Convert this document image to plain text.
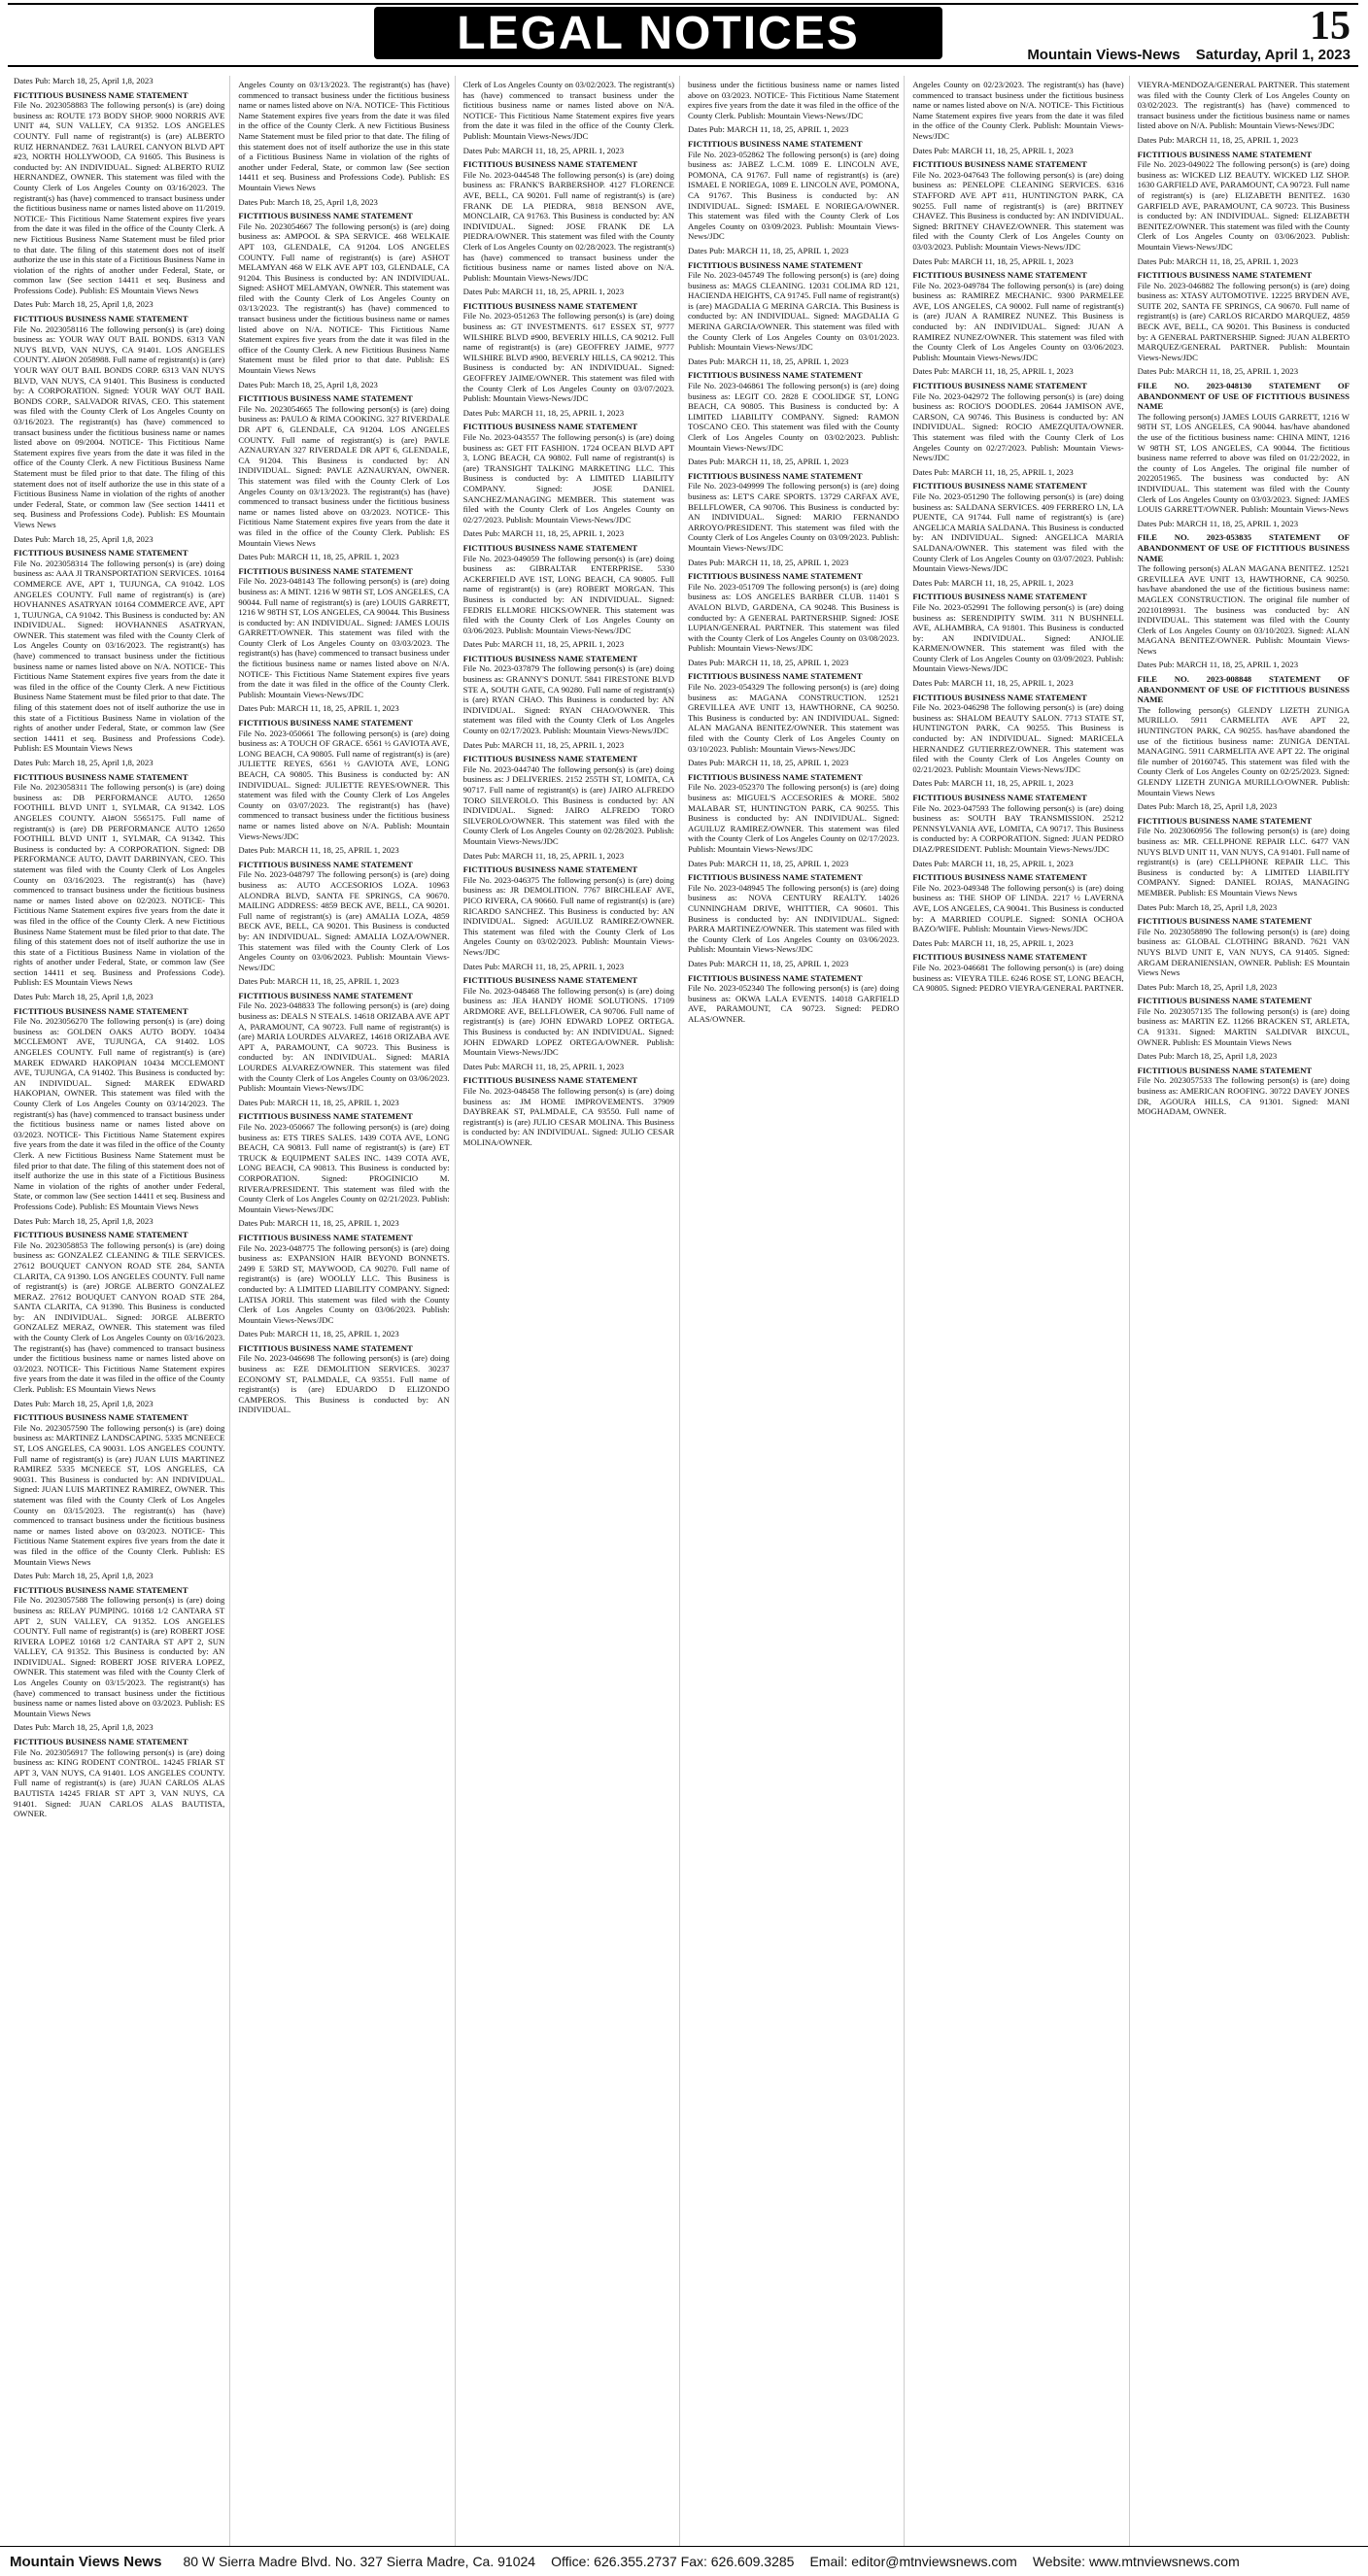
LEGAL NOTICES	15
Mountain Views-News Saturday, April 1, 2023
Dates Pub: March 18, 25, April 1,8, 2023
FICTITIOUS BUSINESS NAME STATEMENT
File No. 2023058883 The following person(s) is (are) doing business as: ROUTE 173 BODY SHOP. 9000 NORRIS AVE UNIT #4, SUN VALLEY, CA 91352. LOS ANGELES COUNTY. Full name of registrant(s) is (are) ALBERTO RUIZ HERNANDEZ. 7631 LAUREL CANYON BLVD APT #23, NORTH HOLLYWOOD, CA 91605. This Business is conducted by: AN INDIVIDUAL. Signed: ALBERTO RUIZ HERNANDEZ, OWNER. This statement was filed with the County Clerk of Los Angeles County on 03/16/2023. The registrant(s) has (have) commenced to transact business under the fictitious business name or names listed above on 11/2019. NOTICE- This Fictitious Name Statement expires five years from the date it was filed in the office of the County Clerk. A new Fictitious Business Name Statement must be filed prior to that date. The filing of this statement does not of itself authorize the use in this state of a Fictitious Business Name in violation of the rights of another under Federal, State, or common law (See section 14411 et seq. Business and Professions Code). Publish: ES Mountain Views News
Dates Pub: March 18, 25, April 1,8, 2023
FICTITIOUS BUSINESS NAME STATEMENT
File No. 2023058116 The following person(s) is (are) doing business as: YOUR WAY OUT BAIL BONDS. 6313 VAN NUYS BLVD, VAN NUYS, CA 91401. LOS ANGELES COUNTY. AI#ON 2058988. Full name of registrant(s) is (are) YOUR WAY OUT BAIL BONDS CORP. 6313 VAN NUYS BLVD, VAN NUYS, CA 91401. This Business is conducted by: A CORPORATION. Signed: YOUR WAY OUT BAIL BONDS CORP., SALVADOR RIVAS, CEO. This statement was filed with the County Clerk of Los Angeles County on 03/16/2023. The registrant(s) has (have) commenced to transact business under the fictitious business name or names listed above on 09/2004. NOTICE- This Fictitious Name Statement expires five years from the date it was filed in the office of the County Clerk. A new Fictitious Business Name Statement must be filed prior to that date. The filing of this statement does not of itself authorize the use in this state of a Fictitious Business Name in violation of the rights of another under Federal, State, or common law (See section 14411 et seq. Business and Professions Code). Publish: ES Mountain Views News
Dates Pub: March 18, 25, April 1,8, 2023
FICTITIOUS BUSINESS NAME STATEMENT
File No. 2023058314 The following person(s) is (are) doing business as: AAA JI TRANSPORTATION SERVICES. 10164 COMMERCE AVE, APT 1, TUJUNGA, CA 91042. LOS ANGELES COUNTY. Full name of registrant(s) is (are) HOVHANNES ASATRYAN 10164 COMMERCE AVE, APT 1, TUJUNGA, CA 91042. This Business is conducted by: AN INDIVIDUAL. Signed: HOVHANNES ASATRYAN, OWNER. This statement was filed with the County Clerk of Los Angeles County on 03/16/2023. The registrant(s) has (have) commenced to transact business under the fictitious business name or names listed above on N/A. NOTICE- This Fictitious Name Statement expires five years from the date it was filed in the office of the County Clerk. A new Fictitious Business Name Statement must be filed prior to that date. The filing of this statement does not of itself authorize the use in this state of a Fictitious Business Name in violation of the rights of another under Federal, State, or common law (See section 14411 et seq. Business and Professions Code). Publish: ES Mountain Views News
Dates Pub: March 18, 25, April 1,8, 2023
FICTITIOUS BUSINESS NAME STATEMENT
File No. 2023058311 The following person(s) is (are) doing business as: DB PERFORMANCE AUTO. 12650 FOOTHILL BLVD UNIT 1, SYLMAR, CA 91342. LOS ANGELES COUNTY. AI#ON 5565175. Full name of registrant(s) is (are) DB PERFORMANCE AUTO 12650 FOOTHILL BLVD UNIT 1, SYLMAR, CA 91342. This Business is conducted by: A CORPORATION. Signed: DB PERFORMANCE AUTO, DAVIT DARBINYAN, CEO. This statement was filed with the County Clerk of Los Angeles County on 03/16/2023. The registrant(s) has (have) commenced to transact business under the fictitious business name or names listed above on 02/2023. NOTICE- This Fictitious Name Statement expires five years from the date it was filed in the office of the County Clerk. A new Fictitious Business Name Statement must be filed prior to that date. The filing of this statement does not of itself authorize the use in this state of a Fictitious Business Name in violation of the rights of another under Federal, State, or common law (See section 14411 et seq. Business and Professions Code). Publish: ES Mountain Views News
Dates Pub: March 18, 25, April 1,8, 2023
FICTITIOUS BUSINESS NAME STATEMENT
File No. 2023056270 The following person(s) is (are) doing business as: GOLDEN OAKS AUTO BODY. 10434 MCCLEMONT AVE, TUJUNGA, CA 91402. LOS ANGELES COUNTY. Full name of registrant(s) is (are) MAREK EDWARD HAKOPIAN 10434 MCCLEMONT AVE, TUJUNGA, CA 91402. This Business is conducted by: AN INDIVIDUAL. Signed: MAREK EDWARD HAKOPIAN, OWNER. This statement was filed with the County Clerk of Los Angeles County on 03/14/2023. The registrant(s) has (have) commenced to transact business under the fictitious business name or names listed above on 03/2023. NOTICE- This Fictitious Name Statement expires five years from the date it was filed in the office of the County Clerk. A new Fictitious Business Name Statement must be filed prior to that date. The filing of this statement does not of itself authorize the use in this state of a Fictitious Business Name in violation of the rights of another under Federal, State, or common law (See section 14411 et seq. Business and Professions Code). Publish: ES Mountain Views News
Dates Pub: March 18, 25, April 1,8, 2023
FICTITIOUS BUSINESS NAME STATEMENT
File No. 2023058853 The following person(s) is (are) doing business as: GONZALEZ CLEANING & TILE SERVICES. 27612 BOUQUET CANYON ROAD STE 284, SANTA CLARITA, CA 91390. LOS ANGELES COUNTY. Full name of registrant(s) is (are) JORGE ALBERTO GONZALEZ MERAZ. 27612 BOUQUET CANYON ROAD STE 284, SANTA CLARITA, CA 91390. This Business is conducted by: AN INDIVIDUAL. Signed: JORGE ALBERTO GONZALEZ MERAZ, OWNER. This statement was filed with the County Clerk of Los Angeles County on 03/16/2023. The registrant(s) has (have) commenced to transact business under the fictitious business name or names listed above on 03/2023. NOTICE- This Fictitious Name Statement expires five years from the date it was filed in the office of the County Clerk. Publish: ES Mountain Views News
Dates Pub: March 18, 25, April 1,8, 2023
FICTITIOUS BUSINESS NAME STATEMENT
File No. 2023057590 The following person(s) is (are) doing business as: MARTINEZ LANDSCAPING. 5335 MCNEECE ST, LOS ANGELES, CA 90031. LOS ANGELES COUNTY. Full name of registrant(s) is (are) JUAN LUIS MARTINEZ RAMIREZ 5335 MCNEECE ST, LOS ANGELES, CA 90031. This Business is conducted by: AN INDIVIDUAL. Signed: JUAN LUIS MARTINEZ RAMIREZ, OWNER. This statement was filed with the County Clerk of Los Angeles County on 03/15/2023. The registrant(s) has (have) commenced to transact business under the fictitious business name or names listed above on 03/2023. NOTICE- This Fictitious Name Statement expires five years from the date it was filed in the office of the County Clerk. Publish: ES Mountain Views News
Dates Pub: March 18, 25, April 1,8, 2023
FICTITIOUS BUSINESS NAME STATEMENT
File No. 2023057588 The following person(s) is (are) doing business as: RELAY PUMPING. 10168 1/2 CANTARA ST APT 2, SUN VALLEY, CA 91352. LOS ANGELES COUNTY. Full name of registrant(s) is (are) ROBERT JOSE RIVERA LOPEZ 10168 1/2 CANTARA ST APT 2, SUN VALLEY, CA 91352. This Business is conducted by: AN INDIVIDUAL. Signed: ROBERT JOSE RIVERA LOPEZ, OWNER. This statement was filed with the County Clerk of Los Angeles County on 03/15/2023. The registrant(s) has (have) commenced to transact business under the fictitious business name or names listed above on 03/2023. Publish: ES Mountain Views News
Dates Pub: March 18, 25, April 1,8, 2023
FICTITIOUS BUSINESS NAME STATEMENT
File No. 2023056917 The following person(s) is (are) doing business as: KING RODENT CONTROL. 14245 FRIAR ST APT 3, VAN NUYS, CA 91401. LOS ANGELES COUNTY. Full name of registrant(s) is (are) JUAN CARLOS ALAS BAUTISTA 14245 FRIAR ST APT 3, VAN NUYS, CA 91401. Signed: JUAN CARLOS ALAS BAUTISTA, OWNER.
Angeles County on 03/13/2023. The registrant(s) has (have) commenced to transact business under the fictitious business name or names listed above on N/A. NOTICE- This Fictitious Name Statement expires five years from the date it was filed in the office of the County Clerk. A new Fictitious Business Name Statement must be filed prior to that date. The filing of this statement does not of itself authorize the use in this state of a Fictitious Business Name in violation of the rights of another under Federal, State, or common law (See section 14411 et seq. Business and Professions Code). Publish: ES Mountain Views News
Dates Pub: March 18, 25, April 1,8, 2023
FICTITIOUS BUSINESS NAME STATEMENT
File No. 2023054667 The following person(s) is (are) doing business as: AMPOOL & SPA SERVICE. 468 WELKAIE APT 103, GLENDALE, CA 91204. LOS ANGELES COUNTY. Full name of registrant(s) is (are) ASHOT MELAMYAN 468 W ELK AVE APT 103, GLENDALE, CA 91204. This Business is conducted by: AN INDIVIDUAL. Signed: ASHOT MELAMYAN, OWNER. This statement was filed with the County Clerk of Los Angeles County on 03/13/2023. The registrant(s) has (have) commenced to transact business under the fictitious business name or names listed above on N/A. NOTICE- This Fictitious Name Statement expires five years from the date it was filed in the office of the County Clerk. A new Fictitious Business Name Statement must be filed prior to that date. Publish: ES Mountain Views News
Dates Pub: March 18, 25, April 1,8, 2023
FICTITIOUS BUSINESS NAME STATEMENT
File No. 2023054665 The following person(s) is (are) doing business as: PAULO & RIMA COOKING. 327 RIVERDALE DR APT 6, GLENDALE, CA 91204. LOS ANGELES COUNTY. Full name of registrant(s) is (are) PAVLE AZNAURYAN 327 RIVERDALE DR APT 6, GLENDALE, CA 91204. This Business is conducted by: AN INDIVIDUAL. Signed: PAVLE AZNAURYAN, OWNER. This statement was filed with the County Clerk of Los Angeles County on 03/13/2023. The registrant(s) has (have) commenced to transact business under the fictitious business name or names listed above on 03/2023. NOTICE- This Fictitious Name Statement expires five years from the date it was filed in the office of the County Clerk. Publish: ES Mountain Views News
Dates Pub: MARCH 11, 18, 25, APRIL 1, 2023
FICTITIOUS BUSINESS NAME STATEMENT
File No. 2023-048143 The following person(s) is (are) doing business as: A MINT. 1216 W 98TH ST, LOS ANGELES, CA 90044. Full name of registrant(s) is (are) LOUIS GARRETT, 1216 W 98TH ST, LOS ANGELES, CA 90044. This Business is conducted by: AN INDIVIDUAL. Signed: JAMES LOUIS GARRETT/OWNER. This statement was filed with the County Clerk of Los Angeles County on 03/03/2023. The registrant(s) has (have) commenced to transact business under the fictitious business name or names listed above on N/A. NOTICE- This Fictitious Name Statement expires five years from the date it was filed in the office of the County Clerk. Publish: Mountain Views-News/JDC
Dates Pub: MARCH 11, 18, 25, APRIL 1, 2023
FICTITIOUS BUSINESS NAME STATEMENT
File No. 2023-050661 The following person(s) is (are) doing business as: A TOUCH OF GRACE. 6561 ½ GAVIOTA AVE, LONG BEACH, CA 90805. Full name of registrant(s) is (are) JULIETTE REYES, 6561 ½ GAVIOTA AVE, LONG BEACH, CA 90805. This Business is conducted by: AN INDIVIDUAL. Signed: JULIETTE REYES/OWNER. This statement was filed with the County Clerk of Los Angeles County on 03/07/2023. The registrant(s) has (have) commenced to transact business under the fictitious business name or names listed above on N/A. Publish: Mountain Views-News/JDC
Dates Pub: MARCH 11, 18, 25, APRIL 1, 2023
FICTITIOUS BUSINESS NAME STATEMENT
File No. 2023-048797 The following person(s) is (are) doing business as: AUTO ACCESORIOS LOZA. 10963 ALONDRA BLVD, SANTA FE SPRINGS, CA 90670. MAILING ADDRESS: 4859 BECK AVE, BELL, CA 90201. Full name of registrant(s) is (are) AMALIA LOZA, 4859 BECK AVE, BELL, CA 90201. This Business is conducted by: AN INDIVIDUAL. Signed: AMALIA LOZA/OWNER. This statement was filed with the County Clerk of Los Angeles County on 03/06/2023. Publish: Mountain Views-News/JDC
Dates Pub: MARCH 11, 18, 25, APRIL 1, 2023
FICTITIOUS BUSINESS NAME STATEMENT
File No. 2023-048833 The following person(s) is (are) doing business as: DEALS N STEALS. 14618 ORIZABA AVE APT A, PARAMOUNT, CA 90723. Full name of registrant(s) is (are) MARIA LOURDES ALVAREZ, 14618 ORIZABA AVE APT A, PARAMOUNT, CA 90723. This Business is conducted by: AN INDIVIDUAL. Signed: MARIA LOURDES ALVAREZ/OWNER. This statement was filed with the County Clerk of Los Angeles County on 03/06/2023. Publish: Mountain Views-News/JDC
Dates Pub: MARCH 11, 18, 25, APRIL 1, 2023
FICTITIOUS BUSINESS NAME STATEMENT
File No. 2023-050667 The following person(s) is (are) doing business as: ETS TIRES SALES. 1439 COTA AVE, LONG BEACH, CA 90813. Full name of registrant(s) is (are) ET TRUCK & EQUIPMENT SALES INC. 1439 COTA AVE, LONG BEACH, CA 90813. This Business is conducted by: CORPORATION. Signed: PROGINICIO M. RIVERA/PRESIDENT. This statement was filed with the County Clerk of Los Angeles County on 02/21/2023. Publish: Mountain Views-News/JDC
Dates Pub: MARCH 11, 18, 25, APRIL 1, 2023
FICTITIOUS BUSINESS NAME STATEMENT
File No. 2023-048775 The following person(s) is (are) doing business as: EXPANSION HAIR BEYOND BONNETS. 2499 E 53RD ST, MAYWOOD, CA 90270. Full name of registrant(s) is (are) WOOLLY LLC. This Business is conducted by: A LIMITED LIABILITY COMPANY. Signed: LATISA JORIJ. This statement was filed with the County Clerk of Los Angeles County on 03/06/2023. Publish: Mountain Views-News/JDC
Dates Pub: MARCH 11, 18, 25, APRIL 1, 2023
FICTITIOUS BUSINESS NAME STATEMENT
File No. 2023-046698 The following person(s) is (are) doing business as: EZE DEMOLITION SERVICES. 30237 ECONOMY ST, PALMDALE, CA 93551. Full name of registrant(s) is (are) EDUARDO D ELIZONDO CAMPEROS. This Business is conducted by: AN INDIVIDUAL.
Clerk of Los Angeles County on 03/02/2023. The registrant(s) has (have) commenced to transact business under the fictitious business name or names listed above on N/A. NOTICE- This Fictitious Name Statement expires five years from the date it was filed in the office of the County Clerk. Publish: Mountain Views-News/JDC
Dates Pub: MARCH 11, 18, 25, APRIL 1, 2023
FICTITIOUS BUSINESS NAME STATEMENT
File No. 2023-044548 The following person(s) is (are) doing business as: FRANK'S BARBERSHOP. 4127 FLORENCE AVE, BELL, CA 90201. Full name of registrant(s) is (are) FRANK DE LA PIEDRA, 9818 BENSON AVE, MONCLAIR, CA 91763. This Business is conducted by: AN INDIVIDUAL. Signed: JOSE FRANK DE LA PIEDRA/OWNER. This statement was filed with the County Clerk of Los Angeles County on 02/28/2023. The registrant(s) has (have) commenced to transact business under the fictitious business name or names listed above on N/A. Publish: Mountain Views-News/JDC
Dates Pub: MARCH 11, 18, 25, APRIL 1, 2023
FICTITIOUS BUSINESS NAME STATEMENT
File No. 2023-051263 The following person(s) is (are) doing business as: GT INVESTMENTS. 617 ESSEX ST, 9777 WILSHIRE BLVD #900, BEVERLY HILLS, CA 90212. Full name of registrant(s) is (are) GEOFFREY JAIME, 9777 WILSHIRE BLVD #900, BEVERLY HILLS, CA 90212. This Business is conducted by: AN INDIVIDUAL. Signed: GEOFFREY JAIME/OWNER. This statement was filed with the County Clerk of Los Angeles County on 03/07/2023. Publish: Mountain Views-News/JDC
Dates Pub: MARCH 11, 18, 25, APRIL 1, 2023
FICTITIOUS BUSINESS NAME STATEMENT
File No. 2023-043557 The following person(s) is (are) doing business as: GET FIT FASHION. 1724 OCEAN BLVD APT 3, LONG BEACH, CA 90802. Full name of registrant(s) is (are) TRANSIGHT TALKING MARKETING LLC. This Business is conducted by: A LIMITED LIABILITY COMPANY. Signed: JOSE DANIEL SANCHEZ/MANAGING MEMBER. This statement was filed with the County Clerk of Los Angeles County on 02/27/2023. Publish: Mountain Views-News/JDC
Dates Pub: MARCH 11, 18, 25, APRIL 1, 2023
FICTITIOUS BUSINESS NAME STATEMENT
File No. 2023-049059 The following person(s) is (are) doing business as: GIBRALTAR ENTERPRISE. 5330 ACKERFIELD AVE 1ST, LONG BEACH, CA 90805. Full name of registrant(s) is (are) ROBERT MORGAN. This Business is conducted by: AN INDIVIDUAL. Signed: FEDRIS ELLMORE HICKS/OWNER. This statement was filed with the County Clerk of Los Angeles County on 03/06/2023. Publish: Mountain Views-News/JDC
Dates Pub: MARCH 11, 18, 25, APRIL 1, 2023
FICTITIOUS BUSINESS NAME STATEMENT
File No. 2023-037879 The following person(s) is (are) doing business as: GRANNY'S DONUT. 5841 FIRESTONE BLVD STE A, SOUTH GATE, CA 90280. Full name of registrant(s) is (are) RYAN CHAO. This Business is conducted by: AN INDIVIDUAL. Signed: RYAN CHAO/OWNER. This statement was filed with the County Clerk of Los Angeles County on 02/17/2023. Publish: Mountain Views-News/JDC
Dates Pub: MARCH 11, 18, 25, APRIL 1, 2023
FICTITIOUS BUSINESS NAME STATEMENT
File No. 2023-044740 The following person(s) is (are) doing business as: J DELIVERIES. 2152 255TH ST, LOMITA, CA 90717. Full name of registrant(s) is (are) JAIRO ALFREDO TORO SILVEROLO. This Business is conducted by: AN INDIVIDUAL. Signed: JAIRO ALFREDO TORO SILVEROLO/OWNER. This statement was filed with the County Clerk of Los Angeles County on 02/28/2023. Publish: Mountain Views-News/JDC
Dates Pub: MARCH 11, 18, 25, APRIL 1, 2023
FICTITIOUS BUSINESS NAME STATEMENT
File No. 2023-046375 The following person(s) is (are) doing business as: JR DEMOLITION. 7767 BIRCHLEAF AVE, PICO RIVERA, CA 90660. Full name of registrant(s) is (are) RICARDO SANCHEZ. This Business is conducted by: AN INDIVIDUAL. Signed: AGUILUZ RAMIREZ/OWNER. This statement was filed with the County Clerk of Los Angeles County on 03/02/2023. Publish: Mountain Views-News/JDC
Dates Pub: MARCH 11, 18, 25, APRIL 1, 2023
FICTITIOUS BUSINESS NAME STATEMENT
File No. 2023-048468 The following person(s) is (are) doing business as: JEA HANDY HOME SOLUTIONS. 17109 ARDMORE AVE, BELLFLOWER, CA 90706. Full name of registrant(s) is (are) JOHN EDWARD LOPEZ ORTEGA. This Business is conducted by: AN INDIVIDUAL. Signed: JOHN EDWARD LOPEZ ORTEGA/OWNER. Publish: Mountain Views-News/JDC
Dates Pub: MARCH 11, 18, 25, APRIL 1, 2023
FICTITIOUS BUSINESS NAME STATEMENT
File No. 2023-048458 The following person(s) is (are) doing business as: JM HOME IMPROVEMENTS. 37909 DAYBREAK ST, PALMDALE, CA 93550. Full name of registrant(s) is (are) JULIO CESAR MOLINA. This Business is conducted by: AN INDIVIDUAL. Signed: JULIO CESAR MOLINA/OWNER.
business under the fictitious business name or names listed above on 03/2023. NOTICE- This Fictitious Name Statement expires five years from the date it was filed in the office of the County Clerk. Publish: Mountain Views-News/JDC
Dates Pub: MARCH 11, 18, 25, APRIL 1, 2023
FICTITIOUS BUSINESS NAME STATEMENT
File No. 2023-052862 The following person(s) is (are) doing business as: JABEZ L.C.M. 1089 E. LINCOLN AVE, POMONA, CA 91767. Full name of registrant(s) is (are) ISMAEL E NORIEGA, 1089 E. LINCOLN AVE, POMONA, CA 91767. This Business is conducted by: AN INDIVIDUAL. Signed: ISMAEL E NORIEGA/OWNER. This statement was filed with the County Clerk of Los Angeles County on 03/09/2023. Publish: Mountain Views-News/JDC
Dates Pub: MARCH 11, 18, 25, APRIL 1, 2023
FICTITIOUS BUSINESS NAME STATEMENT
File No. 2023-045749 The following person(s) is (are) doing business as: MAGS CLEANING. 12031 COLIMA RD 121, HACIENDA HEIGHTS, CA 91745. Full name of registrant(s) is (are) MAGDALIA G MERINA GARCIA. This Business is conducted by: AN INDIVIDUAL. Signed: MAGDALIA G MERINA GARCIA/OWNER. This statement was filed with the County Clerk of Los Angeles County on 03/01/2023. Publish: Mountain Views-News/JDC
Dates Pub: MARCH 11, 18, 25, APRIL 1, 2023
FICTITIOUS BUSINESS NAME STATEMENT
File No. 2023-046861 The following person(s) is (are) doing business as: LEGIT CO. 2828 E COOLIDGE ST, LONG BEACH, CA 90805. This Business is conducted by: A LIMITED LIABILITY COMPANY. Signed: RAMON TOSCANO CEO. This statement was filed with the County Clerk of Los Angeles County on 03/02/2023. Publish: Mountain Views-News/JDC
Dates Pub: MARCH 11, 18, 25, APRIL 1, 2023
FICTITIOUS BUSINESS NAME STATEMENT
File No. 2023-049999 The following person(s) is (are) doing business as: LET'S CARE SPORTS. 13729 CARFAX AVE, BELLFLOWER, CA 90706. This Business is conducted by: AN INDIVIDUAL. Signed: MARIO FERNANDO ARROYO/PRESIDENT. This statement was filed with the County Clerk of Los Angeles County on 03/09/2023. Publish: Mountain Views-News/JDC
Dates Pub: MARCH 11, 18, 25, APRIL 1, 2023
FICTITIOUS BUSINESS NAME STATEMENT
File No. 2023-051709 The following person(s) is (are) doing business as: LOS ANGELES BARBER CLUB. 11401 S AVALON BLVD, GARDENA, CA 90248. This Business is conducted by: A GENERAL PARTNERSHIP. Signed: JOSE LUPIAN/GENERAL PARTNER. This statement was filed with the County Clerk of Los Angeles County on 03/08/2023. Publish: Mountain Views-News/JDC
Dates Pub: MARCH 11, 18, 25, APRIL 1, 2023
FICTITIOUS BUSINESS NAME STATEMENT
File No. 2023-054329 The following person(s) is (are) doing business as: MAGANA CONSTRUCTION. 12521 GREVILLEA AVE UNIT 13, HAWTHORNE, CA 90250. This Business is conducted by: AN INDIVIDUAL. Signed: ALAN MAGANA BENITEZ/OWNER. This statement was filed with the County Clerk of Los Angeles County on 03/10/2023. Publish: Mountain Views-News/JDC
Dates Pub: MARCH 11, 18, 25, APRIL 1, 2023
FICTITIOUS BUSINESS NAME STATEMENT
File No. 2023-052370 The following person(s) is (are) doing business as: MIGUEL'S ACCESORIES & MORE. 5802 MALABAR ST, HUNTINGTON PARK, CA 90255. This Business is conducted by: AN INDIVIDUAL. Signed: AGUILUZ RAMIREZ/OWNER. This statement was filed with the County Clerk of Los Angeles County on 02/17/2023. Publish: Mountain Views-News/JDC
Dates Pub: MARCH 11, 18, 25, APRIL 1, 2023
FICTITIOUS BUSINESS NAME STATEMENT
File No. 2023-048945 The following person(s) is (are) doing business as: NOVA CENTURY REALTY. 14026 CUNNINGHAM DRIVE, WHITTIER, CA 90601. This Business is conducted by: AN INDIVIDUAL. Signed: PARRA MARTINEZ/OWNER. This statement was filed with the County Clerk of Los Angeles County on 03/06/2023. Publish: Mountain Views-News/JDC
Dates Pub: MARCH 11, 18, 25, APRIL 1, 2023
FICTITIOUS BUSINESS NAME STATEMENT
File No. 2023-052340 The following person(s) is (are) doing business as: OKWA LALA EVENTS. 14018 GARFIELD AVE, PARAMOUNT, CA 90723. Signed: PEDRO ALAS/OWNER.
Angeles County on 02/23/2023. The registrant(s) has (have) commenced to transact business under the fictitious business name or names listed above on N/A. NOTICE- This Fictitious Name Statement expires five years from the date it was filed in the office of the County Clerk. Publish: Mountain Views-News/JDC
Dates Pub: MARCH 11, 18, 25, APRIL 1, 2023
FICTITIOUS BUSINESS NAME STATEMENT
File No. 2023-047643 The following person(s) is (are) doing business as: PENELOPE CLEANING SERVICES. 6316 STAFFORD AVE APT #11, HUNTINGTON PARK, CA 90255. Full name of registrant(s) is (are) BRITNEY CHAVEZ. This Business is conducted by: AN INDIVIDUAL. Signed: BRITNEY CHAVEZ/OWNER. This statement was filed with the County Clerk of Los Angeles County on 03/03/2023. Publish: Mountain Views-News/JDC
Dates Pub: MARCH 11, 18, 25, APRIL 1, 2023
FICTITIOUS BUSINESS NAME STATEMENT
File No. 2023-049784 The following person(s) is (are) doing business as: RAMIREZ MECHANIC. 9300 PARMELEE AVE, LOS ANGELES, CA 90002. Full name of registrant(s) is (are) JUAN A RAMIREZ NUNEZ. This Business is conducted by: AN INDIVIDUAL. Signed: JUAN A RAMIREZ NUNEZ/OWNER. This statement was filed with the County Clerk of Los Angeles County on 03/06/2023. Publish: Mountain Views-News/JDC
Dates Pub: MARCH 11, 18, 25, APRIL 1, 2023
FICTITIOUS BUSINESS NAME STATEMENT
File No. 2023-042972 The following person(s) is (are) doing business as: ROCIO'S DOODLES. 20644 JAMISON AVE, CARSON, CA 90746. This Business is conducted by: AN INDIVIDUAL. Signed: ROCIO AMEZQUITA/OWNER. This statement was filed with the County Clerk of Los Angeles County on 02/27/2023. Publish: Mountain Views-News/JDC
Dates Pub: MARCH 11, 18, 25, APRIL 1, 2023
FICTITIOUS BUSINESS NAME STATEMENT
File No. 2023-051290 The following person(s) is (are) doing business as: SALDANA SERVICES. 409 FERRERO LN, LA PUENTE, CA 91744. Full name of registrant(s) is (are) ANGELICA MARIA SALDANA. This Business is conducted by: AN INDIVIDUAL. Signed: ANGELICA MARIA SALDANA/OWNER. This statement was filed with the County Clerk of Los Angeles County on 03/07/2023. Publish: Mountain Views-News/JDC
Dates Pub: MARCH 11, 18, 25, APRIL 1, 2023
FICTITIOUS BUSINESS NAME STATEMENT
File No. 2023-052991 The following person(s) is (are) doing business as: SERENDIPITY SWIM. 311 N BUSHNELL AVE, ALHAMBRA, CA 91801. This Business is conducted by: AN INDIVIDUAL. Signed: ANJOLIE KARMEN/OWNER. This statement was filed with the County Clerk of Los Angeles County on 03/09/2023. Publish: Mountain Views-News/JDC
Dates Pub: MARCH 11, 18, 25, APRIL 1, 2023
FICTITIOUS BUSINESS NAME STATEMENT
File No. 2023-046298 The following person(s) is (are) doing business as: SHALOM BEAUTY SALON. 7713 STATE ST, HUNTINGTON PARK, CA 90255. This Business is conducted by: AN INDIVIDUAL. Signed: MARICELA HERNANDEZ GUTIERREZ/OWNER. This statement was filed with the County Clerk of Los Angeles County on 02/21/2023. Publish: Mountain Views-News/JDC
Dates Pub: MARCH 11, 18, 25, APRIL 1, 2023
FICTITIOUS BUSINESS NAME STATEMENT
File No. 2023-047593 The following person(s) is (are) doing business as: SOUTH BAY TRANSMISSION. 25212 PENNSYLVANIA AVE, LOMITA, CA 90717. This Business is conducted by: A CORPORATION. Signed: JUAN PEDRO DIAZ/PRESIDENT. Publish: Mountain Views-News/JDC
Dates Pub: MARCH 11, 18, 25, APRIL 1, 2023
FICTITIOUS BUSINESS NAME STATEMENT
File No. 2023-049348 The following person(s) is (are) doing business as: THE SHOP OF LINDA. 2217 ½ LAVERNA AVE, LOS ANGELES, CA 90041. This Business is conducted by: A MARRIED COUPLE. Signed: SONIA OCHOA BAZO/WIFE. Publish: Mountain Views-News/JDC
Dates Pub: MARCH 11, 18, 25, APRIL 1, 2023
FICTITIOUS BUSINESS NAME STATEMENT
File No. 2023-046681 The following person(s) is (are) doing business as: VIEYRA TILE. 6246 ROSE ST, LONG BEACH, CA 90805. Signed: PEDRO VIEYRA/GENERAL PARTNER.
VIEYRA-MENDOZA/GENERAL PARTNER. This statement was filed with the County Clerk of Los Angeles County on 03/02/2023. The registrant(s) has (have) commenced to transact business under the fictitious business name or names listed above on N/A. Publish: Mountain Views-News/JDC
Dates Pub: MARCH 11, 18, 25, APRIL 1, 2023
FICTITIOUS BUSINESS NAME STATEMENT
File No. 2023-049022 The following person(s) is (are) doing business as: WICKED LIZ BEAUTY. WICKED LIZ SHOP. 1630 GARFIELD AVE, PARAMOUNT, CA 90723. Full name of registrant(s) is (are) ELIZABETH BENITEZ. 1630 GARFIELD AVE, PARAMOUNT, CA 90723. This Business is conducted by: AN INDIVIDUAL. Signed: ELIZABETH BENITEZ/OWNER. This statement was filed with the County Clerk of Los Angeles County on 03/06/2023. Publish: Mountain Views-News/JDC
Dates Pub: MARCH 11, 18, 25, APRIL 1, 2023
FICTITIOUS BUSINESS NAME STATEMENT
File No. 2023-046882 The following person(s) is (are) doing business as: XTASY AUTOMOTIVE. 12225 BRYDEN AVE, SUITE 202, SANTA FE SPRINGS, CA 90670. Full name of registrant(s) is (are) CARLOS RICARDO MARQUEZ, 4859 BECK AVE, BELL, CA 90201. This Business is conducted by: A GENERAL PARTNERSHIP. Signed: JUAN ALBERTO MARQUEZ/GENERAL PARTNER. Publish: Mountain Views-News/JDC
Dates Pub: MARCH 11, 18, 25, APRIL 1, 2023
FILE NO. 2023-048130 STATEMENT OF ABANDONMENT OF USE OF FICTITIOUS BUSINESS NAME
The following person(s) JAMES LOUIS GARRETT, 1216 W 98TH ST, LOS ANGELES, CA 90044. has/have abandoned the use of the fictitious business name: CHINA MINT, 1216 W 98TH ST, LOS ANGELES, CA 90044. The fictitious business name referred to above was filed on 01/22/2022, in the county of Los Angeles. The original file number of 2022051965. The business was conducted by: AN INDIVIDUAL. This statement was filed with the County Clerk of Los Angeles County on 03/03/2023. Signed: JAMES LOUIS GARRETT/OWNER. Publish: Mountain Views-News
Dates Pub: MARCH 11, 18, 25, APRIL 1, 2023
FILE NO. 2023-053835 STATEMENT OF ABANDONMENT OF USE OF FICTITIOUS BUSINESS NAME
The following person(s) ALAN MAGANA BENITEZ. 12521 GREVILLEA AVE UNIT 13, HAWTHORNE, CA 90250. has/have abandoned the use of the fictitious business name: MAGLEX CONSTRUCTION. The original file number of 20210189931. The business was conducted by: AN INDIVIDUAL. This statement was filed with the County Clerk of Los Angeles County on 03/10/2023. Signed: ALAN MAGANA BENITEZ/OWNER. Publish: Mountain Views-News
Dates Pub: MARCH 11, 18, 25, APRIL 1, 2023
FILE NO. 2023-008848 STATEMENT OF ABANDONMENT OF USE OF FICTITIOUS BUSINESS NAME
The following person(s) GLENDY LIZETH ZUNIGA MURILLO. 5911 CARMELITA AVE APT 22, HUNTINGTON PARK, CA 90255. has/have abandoned the use of the fictitious business name: ZUNIGA DENTAL MANAGING. 5911 CARMELITA AVE APT 22. The original file number of 20160745. This statement was filed with the County Clerk of Los Angeles County on 02/25/2023. Signed: GLENDY LIZETH ZUNIGA MURILLO/OWNER. Publish: Mountain Views News
Dates Pub: March 18, 25, April 1,8, 2023
FICTITIOUS BUSINESS NAME STATEMENT
File No. 2023060956 The following person(s) is (are) doing business as: MR. CELLPHONE REPAIR LLC. 6477 VAN NUYS BLVD UNIT 11, VAN NUYS, CA 91401. Full name of registrant(s) is (are) CELLPHONE REPAIR LLC. This Business is conducted by: A LIMITED LIABILITY COMPANY. Signed: DANIEL ROJAS, MANAGING MEMBER. Publish: ES Mountain Views News
Dates Pub: March 18, 25, April 1,8, 2023
FICTITIOUS BUSINESS NAME STATEMENT
File No. 2023058890 The following person(s) is (are) doing business as: GLOBAL CLOTHING BRAND. 7621 VAN NUYS BLVD UNIT E, VAN NUYS, CA 91405. Signed: ARGAM DERANIENSIAN, OWNER. Publish: ES Mountain Views News
Dates Pub: March 18, 25, April 1,8, 2023
FICTITIOUS BUSINESS NAME STATEMENT
File No. 2023057135 The following person(s) is (are) doing business as: MARTIN EZ. 11266 BRACKEN ST, ARLETA, CA 91331. Signed: MARTIN SALDIVAR BIXCUL, OWNER. Publish: ES Mountain Views News
Dates Pub: March 18, 25, April 1,8, 2023
FICTITIOUS BUSINESS NAME STATEMENT
File No. 2023057533 The following person(s) is (are) doing business as: AMERICAN ROOFING. 30722 DAVEY JONES DR, AGOURA HILLS, CA 91301. Signed: MANI MOGHADAM, OWNER.
Mountain Views News 80 W Sierra Madre Blvd. No. 327 Sierra Madre, Ca. 91024 Office: 626.355.2737 Fax: 626.609.3285 Email: editor@mtnviewsnews.com Website: www.mtnviewsnews.com
